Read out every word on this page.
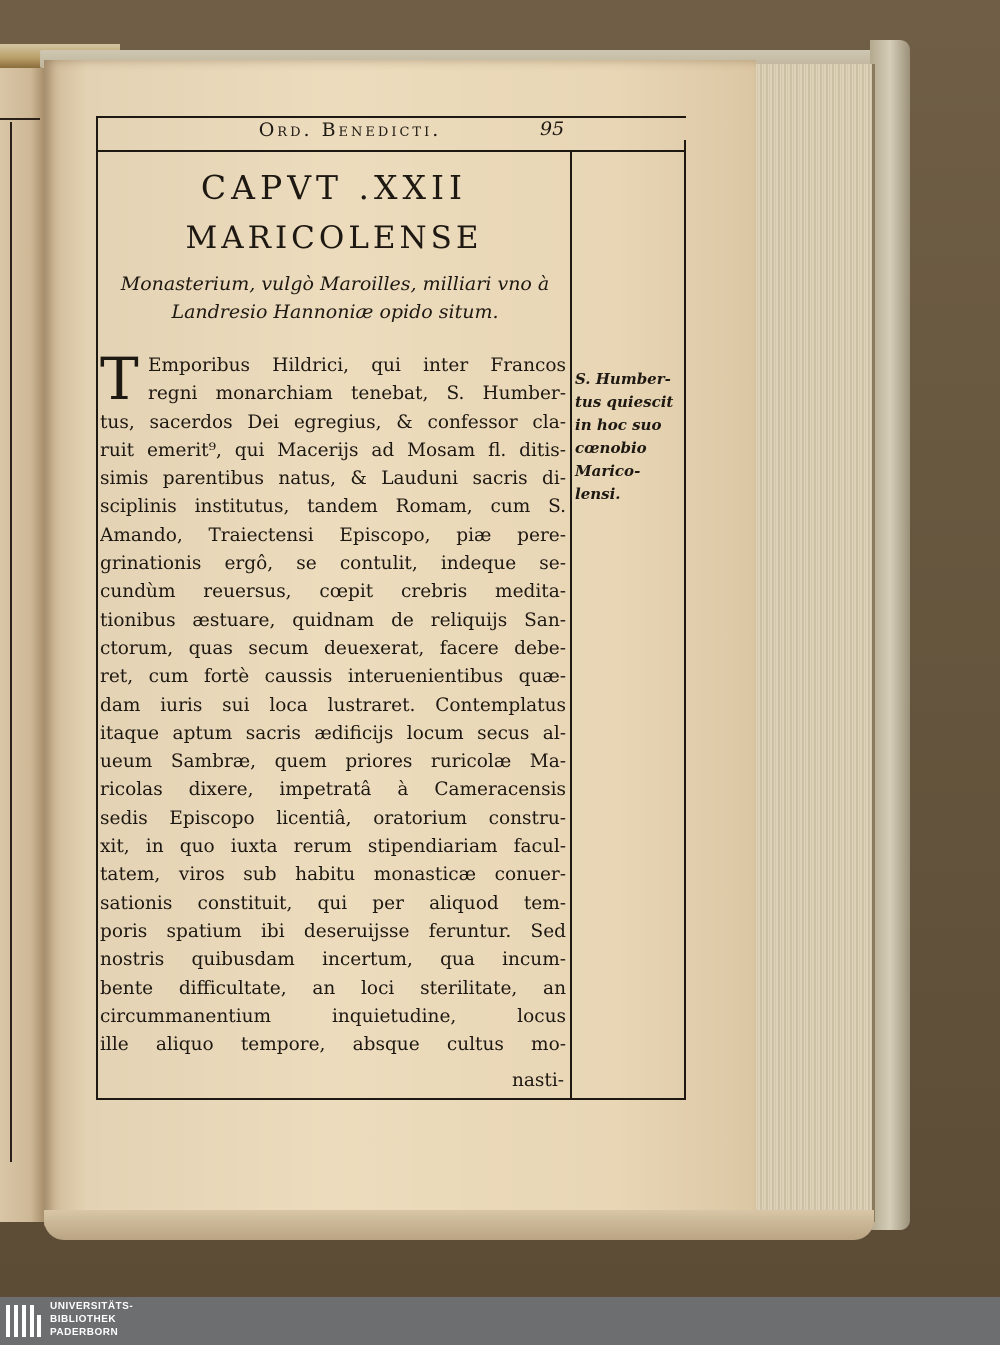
Ord. Benedicti.	95
CAPVT .XXII
MARICOLENSE
Monasterium, vulgò Maroilles, milliari vno à
Landresio Hannoniæ opido situm.
T Emporibus Hildrici, qui inter Francos
regni monarchiam tenebat, S. Humber-
tus, sacerdos Dei egregius, & confessor cla-
ruit emerit⁹, qui Macerijs ad Mosam fl. ditis-
simis parentibus natus, & Lauduni sacris di-
sciplinis institutus, tandem Romam, cum S.
Amando, Traiectensi Episcopo, piæ pere-
grinationis ergô, se contulit, indeque se-
cundùm reuersus, cœpit crebris medita-
tionibus æstuare, quidnam de reliquijs San-
ctorum, quas secum deuexerat, facere debe-
ret, cum fortè caussis interuenientibus quæ-
dam iuris sui loca lustraret. Contemplatus
itaque aptum sacris ædificijs locum secus al-
ueum Sambræ, quem priores ruricolæ Ma-
ricolas dixere, impetratâ à Cameracensis
sedis Episcopo licentiâ, oratorium constru-
xit, in quo iuxta rerum stipendiariam facul-
tatem, viros sub habitu monasticæ conuer-
sationis constituit, qui per aliquod tem-
poris spatium ibi deseruijsse feruntur. Sed
nostris quibusdam incertum, qua incum-
bente difficultate, an loci sterilitate, an
circummanentium inquietudine, locus
ille aliquo tempore, absque cultus mo-
nasti-
S. Humber-
tus quiescit
in hoc suo
cœnobio
Marico-
lensi.
UNIVERSITÄTS-
BIBLIOTHEK
PADERBORN
